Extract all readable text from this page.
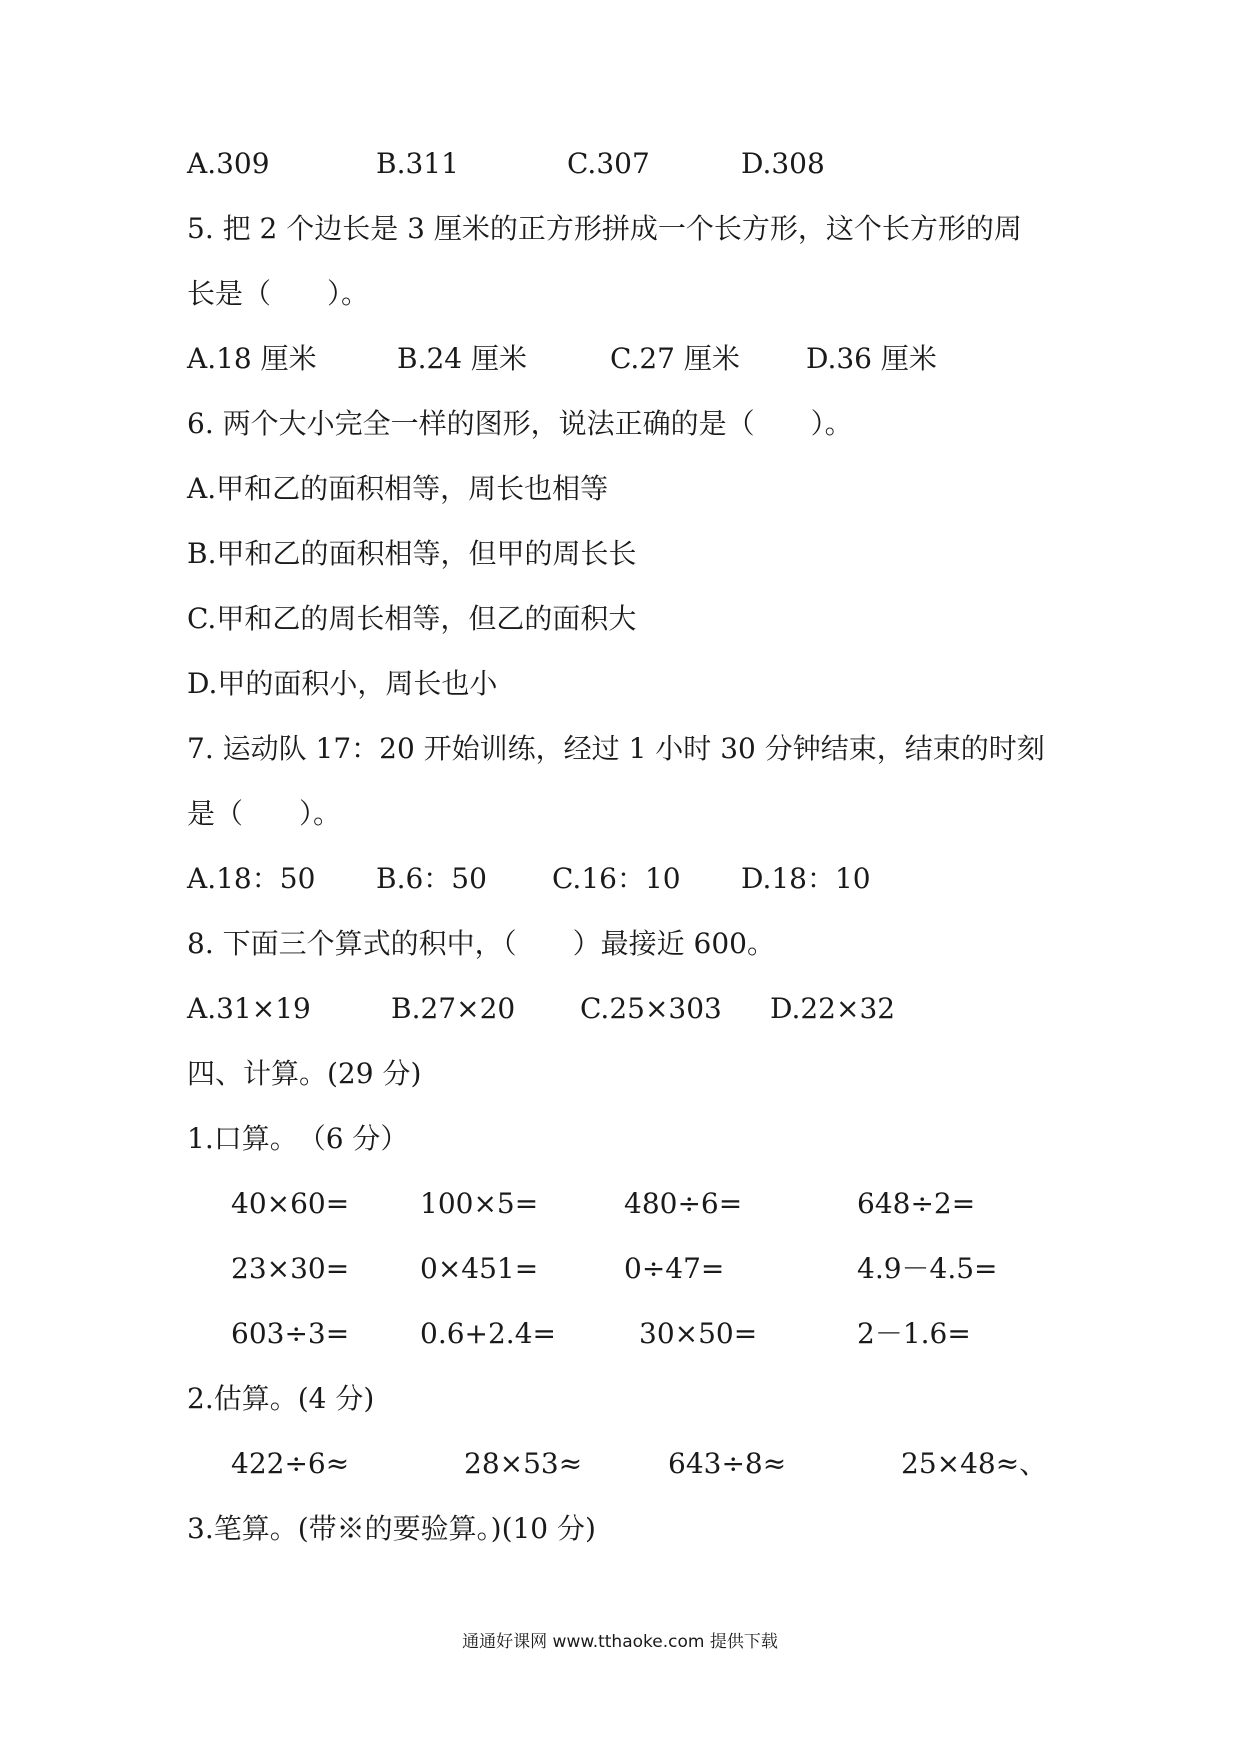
A.309	B.311	C.307	D.308
5. 把 2 个边长是 3 厘米的正方形拼成一个长方形，这个长方形的周
长是（　　）。
A.18 厘米	B.24 厘米	C.27 厘米 D.36 厘米
6. 两个大小完全一样的图形，说法正确的是（　　）。
A.甲和乙的面积相等，周长也相等
B.甲和乙的面积相等，但甲的周长长
C.甲和乙的周长相等，但乙的面积大
D.甲的面积小，周长也小
7. 运动队 17：20 开始训练，经过 1 小时 30 分钟结束，结束的时刻
是（　　）。
A.18：50 B.6：50 C.16：10 D.18：10
8. 下面三个算式的积中，（　　）最接近 600。
A.31×19	B.27×20 C.25×303 D.22×32
四、计算。(29 分)
1.口算。　（6 分）
40×60=	100×5=	480÷6=	648÷2=
23×30=	0×451=	0÷47=	4.9－4.5=
603÷3=	0.6+2.4=	30×50=	2－1.6=
2.估算。(4 分)
422÷6≈	28×53≈	643÷8≈	25×48≈、
3.笔算。(带※的要验算。)(10 分)
通通好课网 www.tthaoke.com 提供下载
